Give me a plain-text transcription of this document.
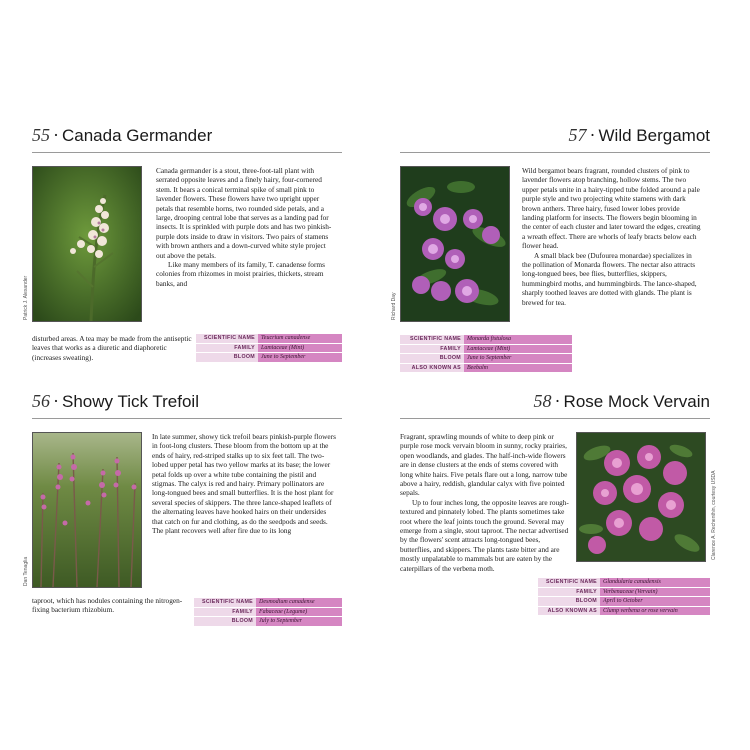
55 · Canada Germander
Patrick J. Alexander

Canada germander is a stout, three-foot-tall plant with serrated opposite leaves and a finely hairy, four-cornered stem. It bears a conical terminal spike of small pink to lavender flowers. These flowers have two upright upper petals that resemble horns, two rounded side petals, and a large, drooping central lobe that serves as a landing pad for insects. It is sprinkled with purple dots and has two pinkish-purple dots inside to draw in visitors. Two pairs of stamens with brown anthers and a down-curved white style project out above the petals.

Like many members of its family, T. canadense forms colonies from rhizomes in moist prairies, thickets, stream banks, and

disturbed areas. A tea may be made from the antiseptic leaves that works as a diuretic and diaphoretic (increases sweating).
SCIENTIFIC NAME	Teucrium canadense
FAMILY	Lamiaceae (Mint)
BLOOM	June to September
57 · Wild Bergamot
Richard Day

Wild bergamot bears fragrant, rounded clusters of pink to lavender flowers atop branching, hollow stems. The two upper petals unite in a hairy-tipped tube folded around a pale purple style and two projecting white stamens with dark brown anthers. Three hairy, fused lower lobes provide landing platform for insects. The flowers begin blooming in the center of each cluster and later toward the edges, creating a wreath effect. There are whorls of leafy bracts below each flower head.

A small black bee (Dufourea monardae) specializes in the pollination of Monarda flowers. The nectar also attracts long-tongued bees, bee flies, butterflies, skippers, hummingbird moths, and hummingbirds. The lance-shaped, sharply toothed leaves are dotted with glands. The plant is brewed for tea.

SCIENTIFIC NAME	Monarda fistulosa
FAMILY	Lamiaceae (Mint)
BLOOM	June to September
ALSO KNOWN AS	Beebalm
56 · Showy Tick Trefoil
Dan Tenaglia

In late summer, showy tick trefoil bears pinkish-purple flowers in foot-long clusters. These bloom from the bottom up at the ends of hairy, red-striped stalks up to six feet tall. The two-lobed upper petal has two yellow marks at its base; the lower petal folds up over a white tube containing the pistil and stigmas. The calyx is red and hairy. Primary pollinators are long-tongued bees and small butterflies. It is the host plant for several species of skippers. The three lance-shaped leaflets of the alternating leaves have hooked hairs on their undersides that catch on fur and clothing, as do the seedpods and seeds. The plant recovers well after fire due to its long

taproot, which has nodules containing the nitrogen-fixing bacterium rhizobium.
SCIENTIFIC NAME	Desmodium canadense
FAMILY	Fabaceae (Legume)
BLOOM	July to September
58 · Rose Mock Vervain

Fragrant, sprawling mounds of white to deep pink or purple rose mock vervain bloom in sunny, rocky prairies, open woodlands, and glades. The half-inch-wide flowers are in dense clusters at the ends of stems covered with long white hairs. Five petals flare out a long, narrow tube above a hairy, reddish, glandular calyx with five pointed sepals.

Up to four inches long, the opposite leaves are rough-textured and pinnately lobed. The plants sometimes take root where the leaf joints touch the ground. Several may emerge from a single, stout taproot. The nectar advertised by the flowers' scent attracts long-tongued bees, butterflies, and skippers. The plants taste bitter and are mostly unpalatable to mammals but are eaten by the caterpillars of the verbena moth.

Clarence A. Rechenthin, courtesy USDA
SCIENTIFIC NAME	Glandularia canadensis
FAMILY	Verbenaceae (Vervain)
BLOOM	April to October
ALSO KNOWN AS	Clump verbena or rose vervain
